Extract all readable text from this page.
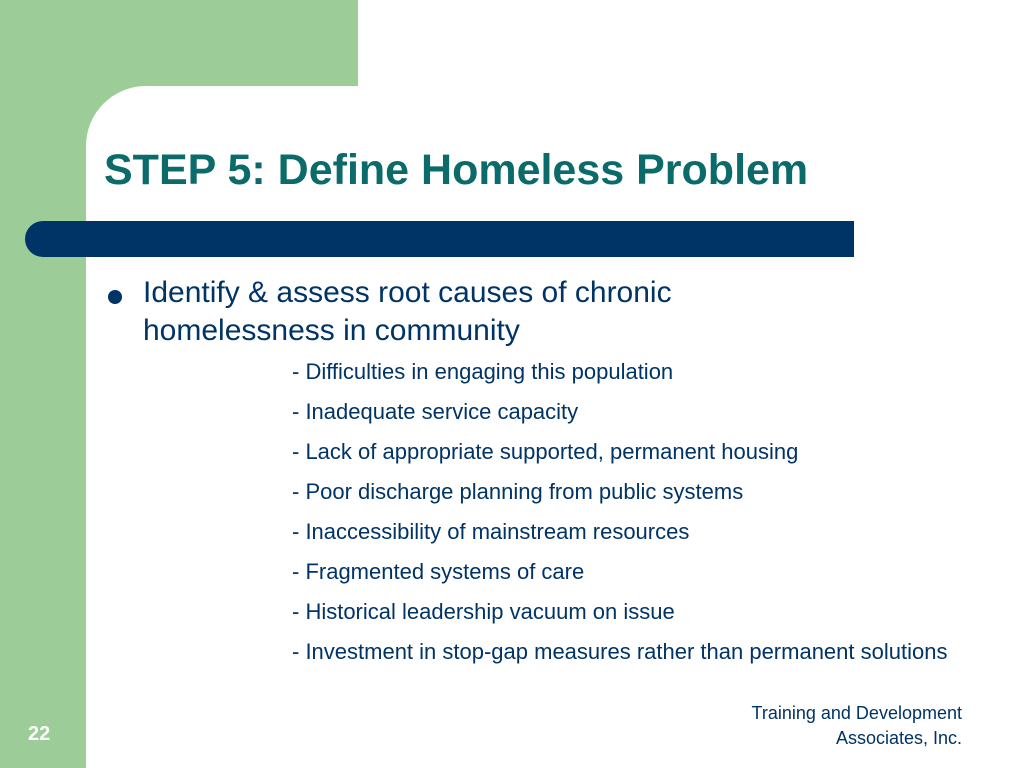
STEP 5: Define Homeless Problem

Identify & assess root causes of chronic homelessness in community

- Difficulties in engaging this population
- Inadequate service capacity
- Lack of appropriate supported, permanent housing
- Poor discharge planning from public systems
- Inaccessibility of mainstream resources
- Fragmented systems of care
- Historical leadership vacuum on issue
- Investment in stop-gap measures rather than permanent solutions
Training and Development
Associates, Inc.
22
